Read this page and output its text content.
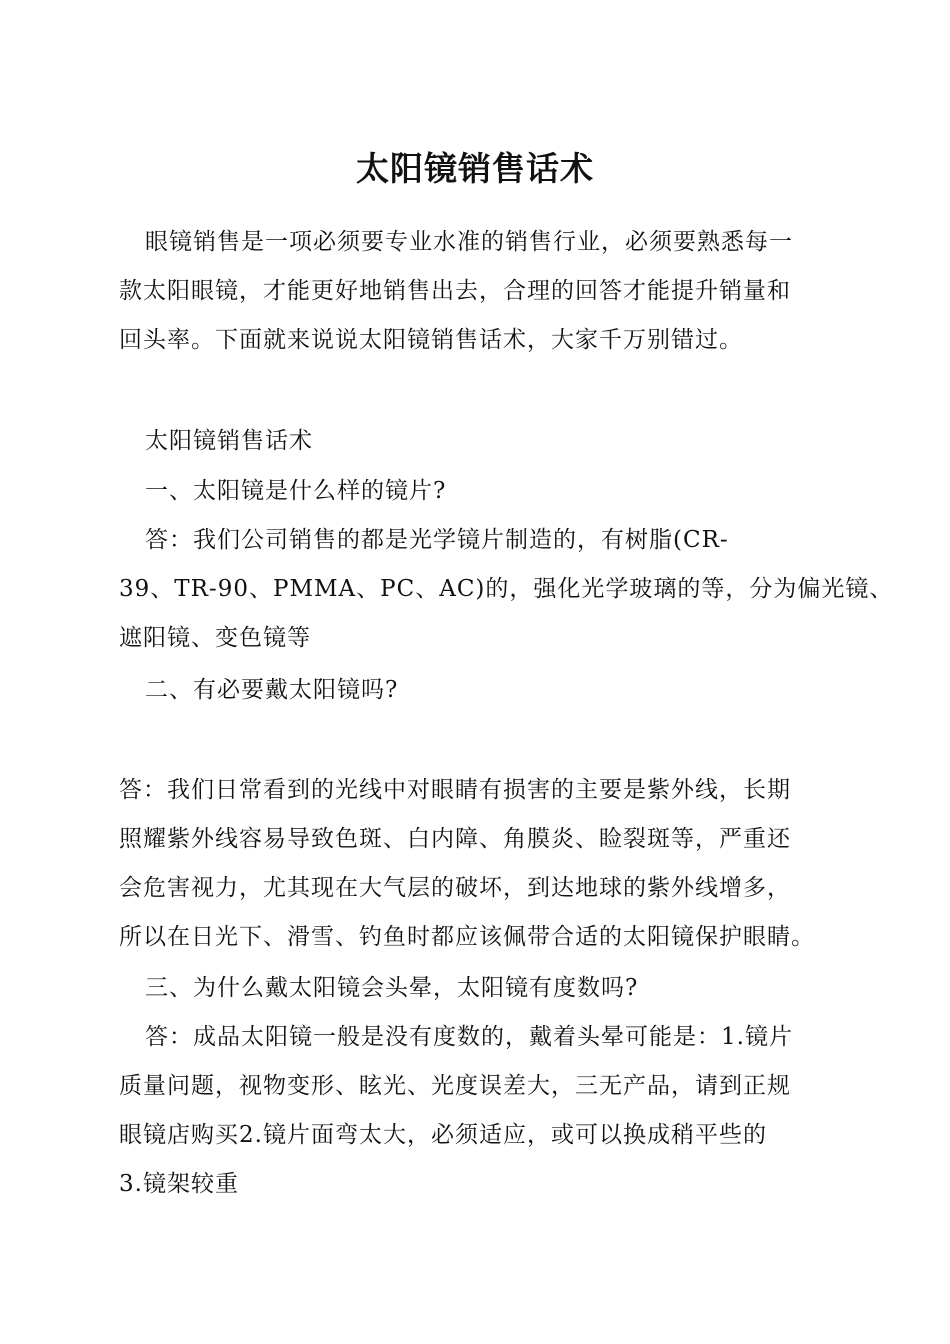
太阳镜销售话术
眼镜销售是一项必须要专业水准的销售行业，必须要熟悉每一
款太阳眼镜，才能更好地销售出去，合理的回答才能提升销量和
回头率。下面就来说说太阳镜销售话术，大家千万别错过。
太阳镜销售话术
一、太阳镜是什么样的镜片?
答：我们公司销售的都是光学镜片制造的，有树脂(CR-
39、TR-90、PMMA、PC、AC)的，强化光学玻璃的等，分为偏光镜、
遮阳镜、变色镜等
二、有必要戴太阳镜吗?
答：我们日常看到的光线中对眼睛有损害的主要是紫外线，长期
照耀紫外线容易导致色斑、白内障、角膜炎、睑裂斑等，严重还
会危害视力，尤其现在大气层的破坏，到达地球的紫外线增多，
所以在日光下、滑雪、钓鱼时都应该佩带合适的太阳镜保护眼睛。
三、为什么戴太阳镜会头晕，太阳镜有度数吗?
答：成品太阳镜一般是没有度数的，戴着头晕可能是：1.镜片
质量问题，视物变形、眩光、光度误差大，三无产品，请到正规
眼镜店购买2.镜片面弯太大，必须适应，或可以换成稍平些的
3.镜架较重
